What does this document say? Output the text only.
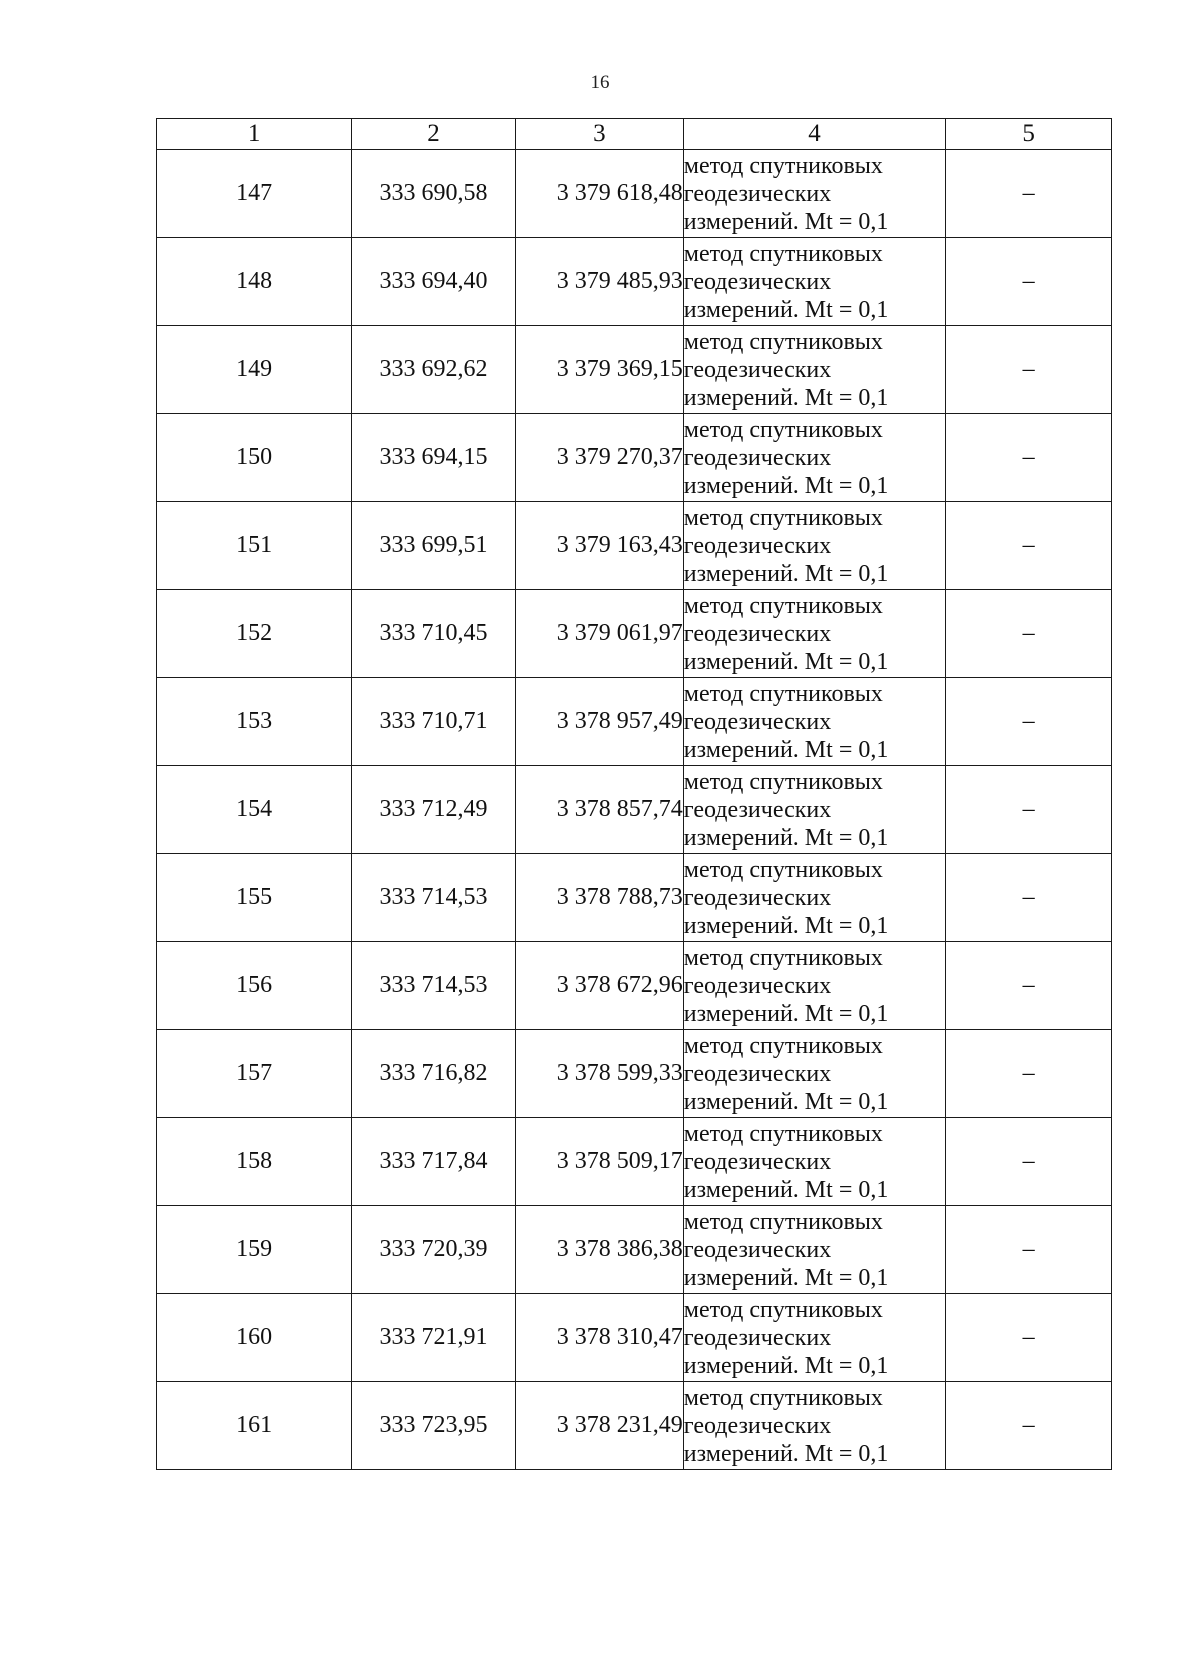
16
1	2	3	4	5
147	333 690,58	3 379 618,48	метод спутниковых
геодезических
измерений. Mt = 0,1	–
148	333 694,40	3 379 485,93	метод спутниковых
геодезических
измерений. Mt = 0,1	–
149	333 692,62	3 379 369,15	метод спутниковых
геодезических
измерений. Mt = 0,1	–
150	333 694,15	3 379 270,37	метод спутниковых
геодезических
измерений. Mt = 0,1	–
151	333 699,51	3 379 163,43	метод спутниковых
геодезических
измерений. Mt = 0,1	–
152	333 710,45	3 379 061,97	метод спутниковых
геодезических
измерений. Mt = 0,1	–
153	333 710,71	3 378 957,49	метод спутниковых
геодезических
измерений. Mt = 0,1	–
154	333 712,49	3 378 857,74	метод спутниковых
геодезических
измерений. Mt = 0,1	–
155	333 714,53	3 378 788,73	метод спутниковых
геодезических
измерений. Mt = 0,1	–
156	333 714,53	3 378 672,96	метод спутниковых
геодезических
измерений. Mt = 0,1	–
157	333 716,82	3 378 599,33	метод спутниковых
геодезических
измерений. Mt = 0,1	–
158	333 717,84	3 378 509,17	метод спутниковых
геодезических
измерений. Mt = 0,1	–
159	333 720,39	3 378 386,38	метод спутниковых
геодезических
измерений. Mt = 0,1	–
160	333 721,91	3 378 310,47	метод спутниковых
геодезических
измерений. Mt = 0,1	–
161	333 723,95	3 378 231,49	метод спутниковых
геодезических
измерений. Mt = 0,1	–
